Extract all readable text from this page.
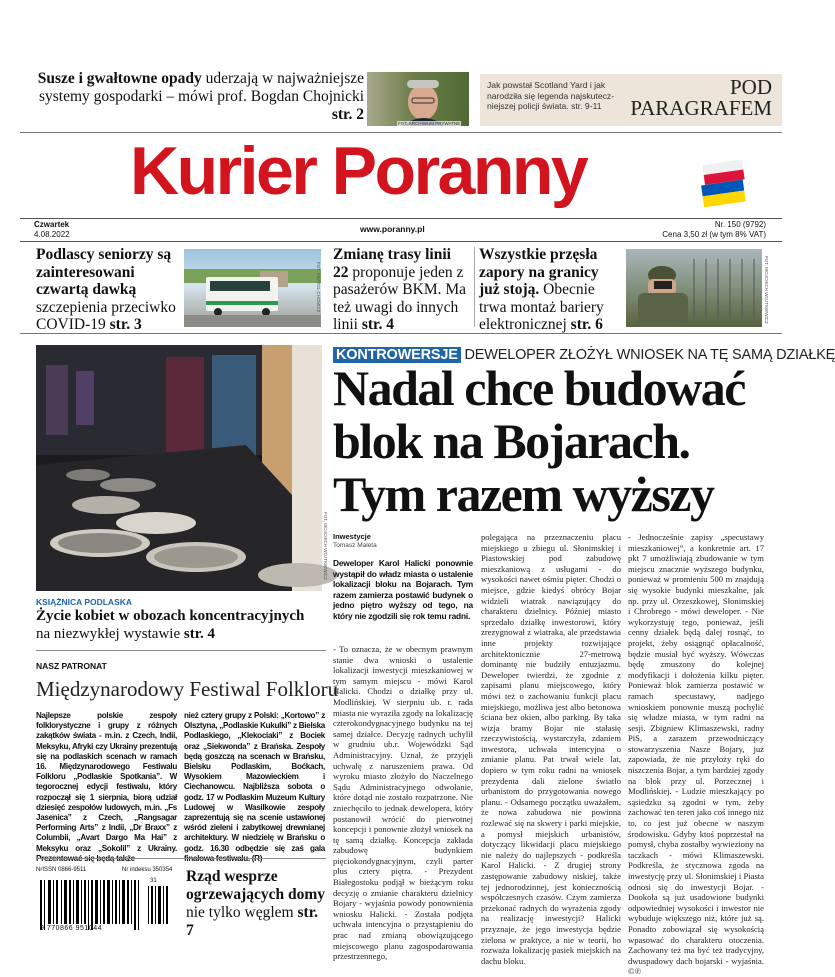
Susze i gwałtowne opady uderzają w najważniejsze
systemy gospodarki – mówi prof. Bogdan Chojnicki str. 2
FOT. ARCHIWUM PRYWATNE
Jak powstał Scotland Yard i jak narodziła się legenda najskutecz-niejszej policji świata. str. 9-11
POD
PARAGRAFEM
Kurier Poranny
Czwartek
4.08.2022
www.poranny.pl	Nr. 150 (9792)
Cena 3,50 zł (w tym 8% VAT)
Podlascy seniorzy są zainteresowani czwartą dawką szczepienia przeciwko COVID-19 str. 3
FOT. ANATOL CHOMICZ
Zmianę trasy linii 22 proponuje jeden z pasażerów BKM. Ma też uwagi do innych linii str. 4
Wszystkie przęsła zapory na granicy już stoją. Obecnie trwa montaż bariery elektronicznej str. 6
FOT. WOJCIECH WOJTKIEWICZ
FOT. WOJCIECH WOJTKIEWICZ
KSIĄŻNICA PODLASKA
Życie kobiet w obozach koncentracyjnych
na niezwykłej wystawie str. 4
NASZ PATRONAT
Międzynarodowy Festiwal Folkloru
Najlepsze polskie zespoły folklorystyczne i grupy z różnych zakątków świata - m.in. z Czech, Indii, Meksyku, Afryki czy Ukrainy prezentują się na podlaskich scenach w ramach 16. Międzynarodowego Festiwalu Folkloru „Podlaskie Spotkania”. W tegorocznej edycji festiwalu, który rozpoczął się 1 sierpnia, biorą udział dziesięć zespołów ludowych, m.in. „Fs Jasenica” z Czech, „Rangsagar Performing Arts” z Indii, „Dr Braxx” z Columbii, „Avart Dargo Ma Hai” z Meksyku oraz „Sokolil” z Ukrainy.
nież cztery grupy z Polski: „Kortowo” z Olsztyna, „Podlaskie Kukulki” z Bielska Podlaskiego, „Klekociaki” z Bociek oraz „Siekwonda” z Brańska. Zespoły będą goszczą na scenach w Brańsku, Bielsku Podlaskim, Boćkach, Wysokiem Mazowieckiem i Ciechanowcu. Najbliższa sobota o godz. 17 w Podlaskim Muzeum Kultury Ludowej w Wasilkowie zespoły zaprezentują się na scenie ustawionej wśród zieleni i zabytkowej drewnianej architektury. W niedzielę w Brańsku o godz. 16.30 odbędzie się zaś gala
NrISSN 0866-9511	Nr indeksu 350354
9 770866 951044
31 Rząd wesprze ogrzewających domy nie tylko węglem str. 7
KONTROWERSJE DEWELOPER ZŁOŻYŁ WNIOSEK NA TĘ SAMĄ DZIAŁKĘ
Nadal chce budować
blok na Bojarach.
Tym razem wyższy
Inwestycje
Tomasz Maleta
Deweloper Karol Halicki ponownie wystąpił do władz miasta o ustalenie lokalizacji bloku na Bojarach. Tym razem zamierza postawić budynek o jedno piętro wyższy od tego, na który nie zgodzili się rok temu radni.
- To oznacza, że w obecnym prawnym stanie dwa wnioski o ustalenie lokalizacji inwestycji mieszkaniowej w tym samym miejscu - mówi Karol Halicki. Chodzi o działkę przy ul. Modlińskiej. W sierpniu ub. r. rada miasta nie wyraziła zgody na lokalizację czterokondygnacyjnego budynku na tej samej działce. Decyzję radnych uchylił w grudniu ub.r. Wojewódzki Sąd Administracyjny. Uznał, że przyjęli uchwałę z naruszeniem prawa. Od wyroku miasto złożyło do Naczelnego Sądu Administracyjnego odwołanie, które dotąd nie zostało rozpatrzone. Nie zniechęciło to jednak dewelopera, który postanowił wrócić do pierwotnej koncepcji i ponownie złożył wniosek na tę samą działkę. Koncepcja zakłada zabudowę budynkiem pięciokondygnacyjnym, czyli parter plus cztery piętra. - Prezydent Białegostoku podjął w bieżącym roku decyzję o zmianie charakteru dzielnicy Bojary - wyjaśnia powody ponownienia wniosku Halicki. - Została podjęta uchwała intencyjna o przystąpieniu do prac nad zmianą obowiązującego miejscowego planu zagospodarowania przestrzennego,
polegająca na przeznaczeniu placu miejskiego u zbiegu ul. Słonimskiej i Piastowskiej pod zabudowę mieszkaniową z usługami - do wysokości nawet ośmiu pięter. Chodzi o miejsce, gdzie kiedyś obrócy Bojar widzieli wiatrak nawiązujący do charakteru dzielnicy. Później miasto sprzedało działkę inwestorowi, który zrezygnował z wiatraka, ale przedstawia inne projekty rozwijające architektonicznie 27-metrową dominantę nie budziły entuzjazmu. Deweloper twierdzi, że zgodnie z zapisami planu miejscowego, który mówi też o zachowaniu funkcji placu miejskiego, możliwa jest albo betonowa ściana bez okien, albo parking. By taka wizja bramy Bojar nie stałasię rzeczywistością, wystarczyła, zdaniem inwestora, uchwała intencyjna o zmianie planu. Pat trwał wiele lat, dopiero w tym roku radni na wniosek prezydenta dali zielone światło urbanistom do przygotowania nowego planu. - Odsamego początku uważałem, że nowa zabudowa nie powinna rozlewać się na skwery i parki miejskie, a pomysł miejskich urbanistów, dotyczący likwidacji placu miejskiego nie należy do najlepszych - podkreśla Karol Halicki. - Z drugiej strony zastępowanie zabudowy niskiej, także tej jednorodzinnej, jest koniecznością współczesnych czasów. Czym zamierza przekonać radnych do wyrażenia zgody na realizację inwestycji? Halicki przyznaje, że jego inwestycja będzie zielona w praktyce, a nie w teorii, bo rozważa lokalizację pasiek miejskich na dachu bloku.
- Jednocześnie zapisy „specustawy mieszkaniowej”, a konkretnie art. 17 pkt 7 umożliwiają zbudowanie w tym miejscu znacznie wyższego budynku, ponieważ w promieniu 500 m znajdują się wysokie budynki mieszkalne, jak np. przy ul. Orzeszkowej, Słonimskiej i Chrobrego - mówi deweloper. - Nie wykorzystuję tego, ponieważ, jeśli cenny działek będą dalej rosnąć, to projekt, żeby osiągnąć opłacalność, będzie musiał być wyższy. Wówczas będę zmuszony do kolejnej modyfikacji i dołożenia kilku pięter. Ponieważ blok zamierza postawić w ramach specustawy, nadjego wnioskiem ponownie muszą pochylić się władze miasta, w tym radni na sesji. Zbigniew Klimaszewski, radny PiS, a zarazem przewodniczący stowarzyszenia Nasze Bojary, już zapowiada, że nie przyłoży ręki do niszczenia Bojar, a tym bardziej zgody na blok przy ul. Porzecznej i Modlińskiej. - Ludzie mieszkający po sąsiedzku są zgodni w tym, żeby zachować ten teren jako coś innego niż to, co jest już obecne w naszym środowisku. Gdyby ktoś poprzestał na pomysł, chyba zostałby wywieziony na taczkach - mówi Klimaszewski. Podkreśla, że stycznowa zgoda na inwestycję przy ul. Słonimskiej i Piasta odnosi się do inwestycji Bojar. - Dookoła są już usadowione budynki odpowiedniej wysokości i inwestor nie wybuduje większego niż, które już są. Ponadto zobowiązał się wysokością wpasować do charakteru otoczenia. Zachowany też ma być też tradycyjny, dwuspadowy dach bojarski - wyjaśnia. ©℗
